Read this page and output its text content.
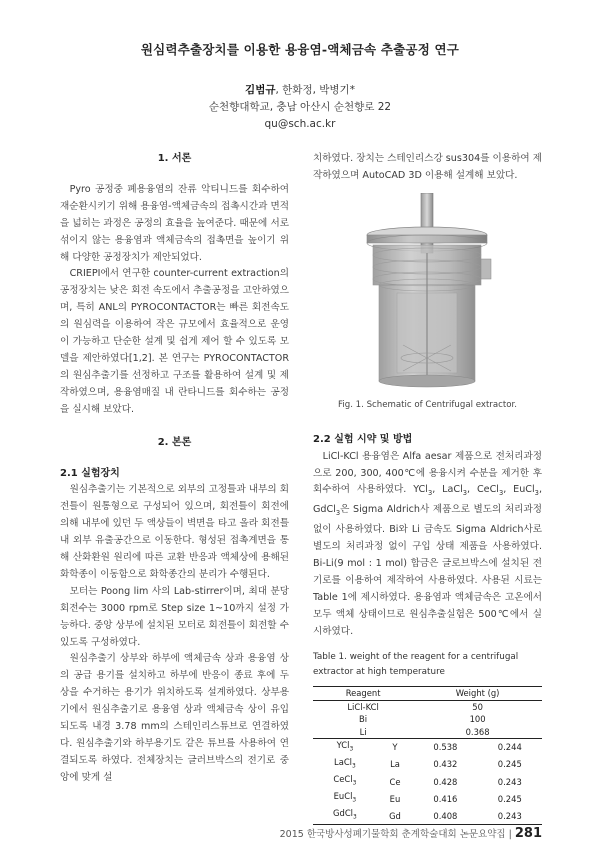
원심력추출장치를 이용한 용융염-액체금속 추출공정 연구
김범규, 한화정, 박병기*
순천향대학교, 충남 아산시 순천향로 22
qu@sch.ac.kr
1. 서론

Pyro 공정중 폐용융염의 잔류 악티니드를 회수하여 재순환시키기 위해 용융염-액체금속의 접촉시간과 면적을 넓히는 과정은 공정의 효율을 높여준다. 때문에 서로 섞이지 않는 용융염과 액체금속의 접촉면을 높이기 위해 다양한 공정장치가 제안되었다.

CRIEPI에서 연구한 counter-current extraction의 공정장치는 낮은 회전 속도에서 추출공정을 고안하였으며, 특히 ANL의 PYROCONTACTOR는 빠른 회전속도의 원심력을 이용하여 작은 규모에서 효율적으로 운영이 가능하고 단순한 설계 및 쉽게 제어 할 수 있도록 모델을 제안하였다[1,2]. 본 연구는 PYROCONTACTOR의 원심추출기를 선정하고 구조를 활용하여 설계 및 제작하였으며, 용융염매질 내 란타니드를 회수하는 공정을 실시해 보았다.

2. 본론
2.1 실험장치

원심추출기는 기본적으로 외부의 고정틀과 내부의 회전틀이 원통형으로 구성되어 있으며, 회전틀이 회전에 의해 내부에 있던 두 액상들이 벽면을 타고 올라 회전틀내 외부 유출공간으로 이동한다. 형성된 접촉계면을 통해 산화환원 원리에 따른 교환 반응과 액체상에 용해된 화학종이 이동함으로 화학종간의 분리가 수행된다.

모터는 Poong lim 사의 Lab-stirrer이며, 최대 분당회전수는 3000 rpm로 Step size 1~10까지 설정 가능하다. 중앙 상부에 설치된 모터로 회전틀이 회전할 수 있도록 구성하였다.

원심추출기 상부와 하부에 액체금속 상과 용융염 상의 공급 용기를 설치하고 하부에 반응이 종료 후에 두 상을 수거하는 용기가 위치하도록 설계하였다. 상부용기에서 원심추출기로 용융염 상과 액체금속 상이 유입되도록 내경 3.78 mm의 스테인리스튜브로 연결하였다. 원심추출기와 하부용기도 같은 튜브를 사용하여 연결되도록 하였다. 전체장치는 글러브박스의 전기로 중앙에 맞게 설

치하였다. 장치는 스테인리스강 sus304를 이용하여 제작하였으며 AutoCAD 3D 이용해 설계해 보았다.

Fig. 1. Schematic of Centrifugal extractor.
2.2 실험 시약 및 방법

LiCl-KCl 용융염은 Alfa aesar 제품으로 전처리과정으로 200, 300, 400℃에 용융시켜 수분을 제거한 후 회수하여 사용하였다. YCl$_3$, LaCl$_3$, CeCl$_3$, EuCl$_3$, GdCl$_3$은 Sigma Aldrich사 제품으로 별도의 처리과정 없이 사용하였다. Bi와 Li 금속도 Sigma Aldrich사로 별도의 처리과정 없이 구입 상태 제품을 사용하였다. Bi-Li(9 mol : 1 mol) 합금은 글로브박스에 설치된 전기로를 이용하여 제작하여 사용하였다. 사용된 시료는 Table 1에 제시하였다. 용융염과 액체금속은 고온에서 모두 액체 상태이므로 원심추출실험은 500℃에서 실시하였다.

Table 1. weight of the reagent for a centrifugal extractor at high temperature
Reagent		Weight (g)	
LiCl-KCl		50	
Bi		100	
Li		0.368	
YCl$_3$	Y	0.538	0.244
LaCl$_3$	La	0.432	0.245
CeCl$_3$	Ce	0.428	0.243
EuCl$_3$	Eu	0.416	0.245
GdCl$_3$	Gd	0.408	0.243
2015 한국방사성폐기물학회 춘계학술대회 논문요약집 | 281
